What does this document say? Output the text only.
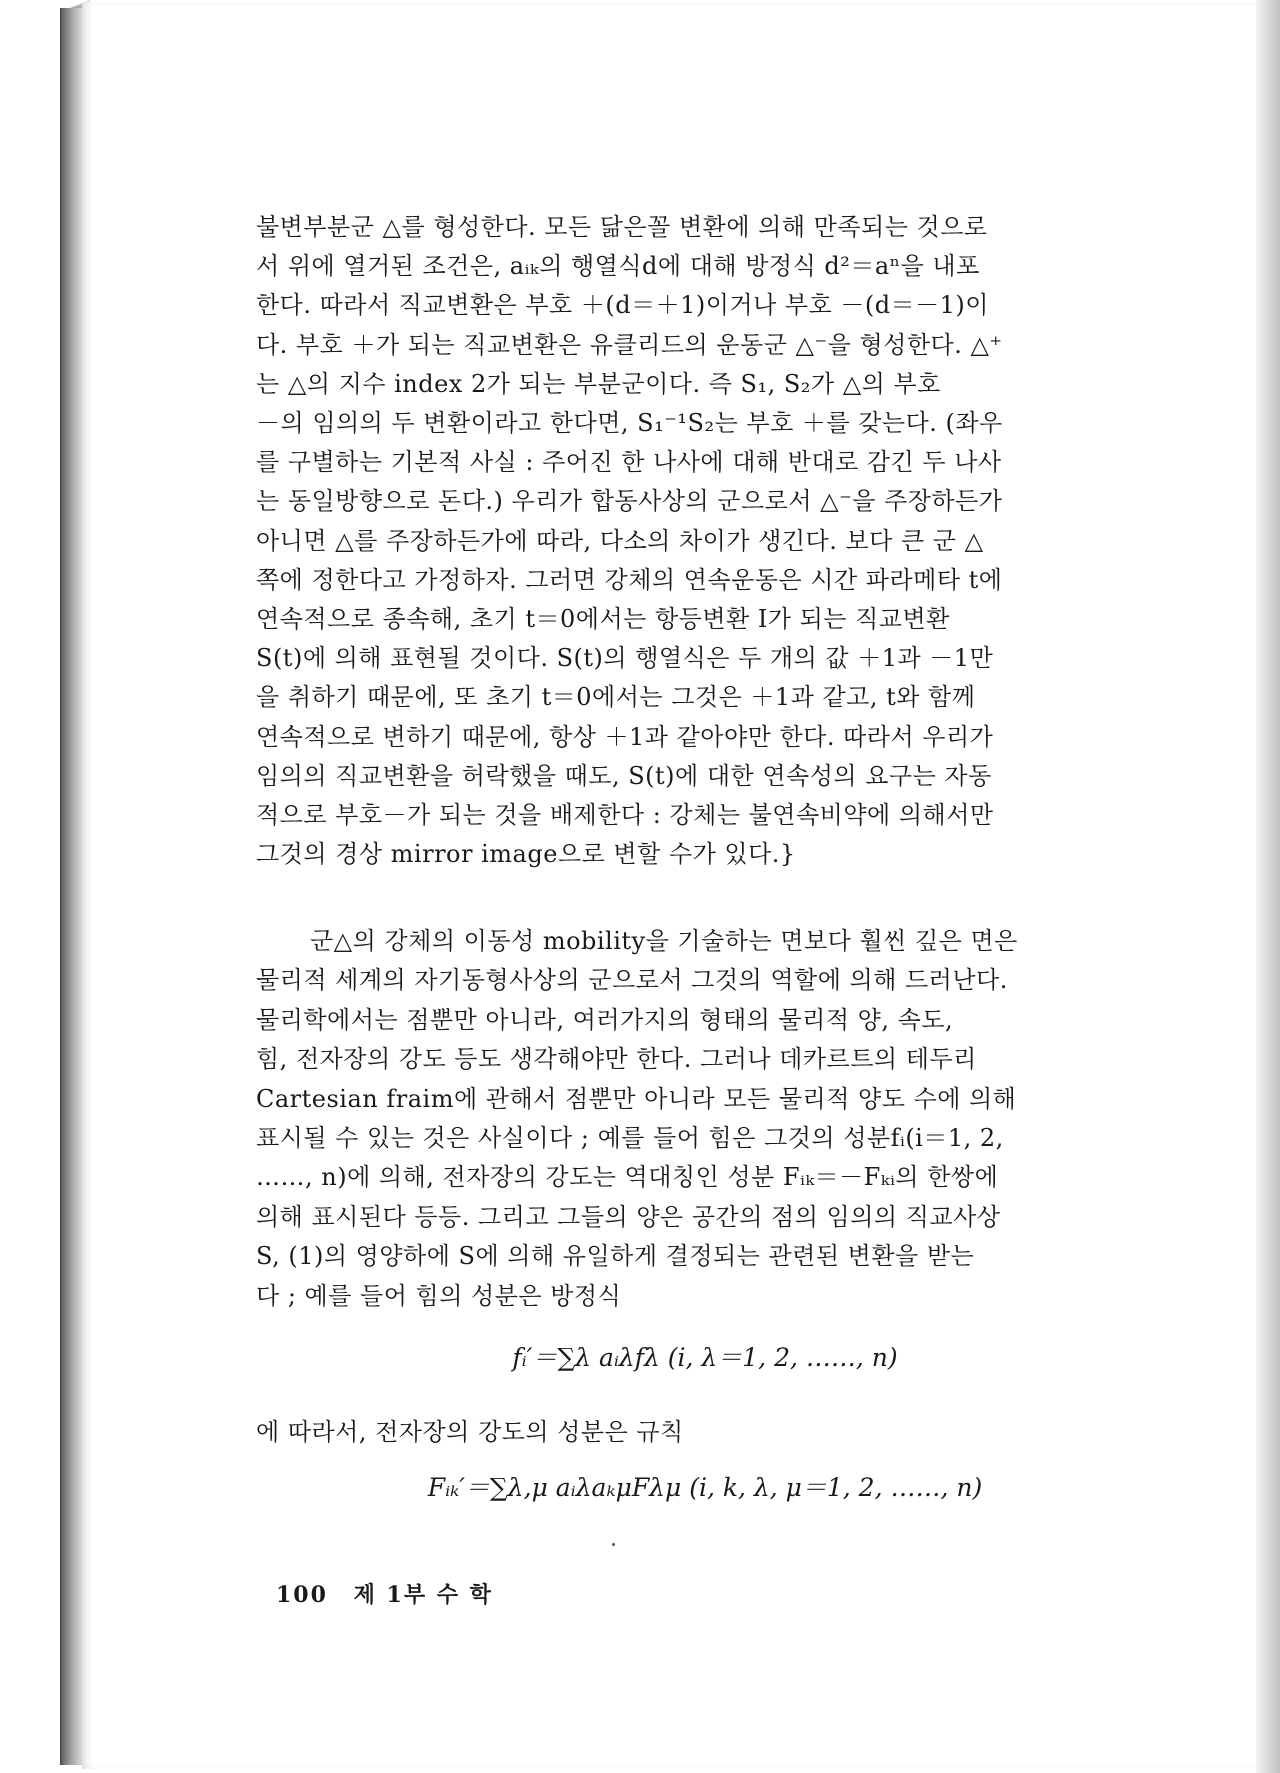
불변부분군 △를 형성한다. 모든 닮은꼴 변환에 의해 만족되는 것으로
서 위에 열거된 조건은, aᵢₖ의 행열식d에 대해 방정식 d²＝aⁿ을 내포
한다. 따라서 직교변환은 부호 ＋(d＝＋1)이거나 부호 －(d＝－1)이
다. 부호 ＋가 되는 직교변환은 유클리드의 운동군 △⁻을 형성한다. △⁺
는 △의 지수 index 2가 되는 부분군이다. 즉 S₁, S₂가 △의 부호
－의 임의의 두 변환이라고 한다면, S₁⁻¹S₂는 부호 ＋를 갖는다. (좌우
를 구별하는 기본적 사실 : 주어진 한 나사에 대해 반대로 감긴 두 나사
는 동일방향으로 돈다.) 우리가 합동사상의 군으로서 △⁻을 주장하든가
아니면 △를 주장하든가에 따라, 다소의 차이가 생긴다. 보다 큰 군 △
쪽에 정한다고 가정하자. 그러면 강체의 연속운동은 시간 파라메타 t에
연속적으로 종속해, 초기 t＝0에서는 항등변환 I가 되는 직교변환
S(t)에 의해 표현될 것이다. S(t)의 행열식은 두 개의 값 ＋1과 －1만
을 취하기 때문에, 또 초기 t＝0에서는 그것은 ＋1과 같고, t와 함께
연속적으로 변하기 때문에, 항상 ＋1과 같아야만 한다. 따라서 우리가
임의의 직교변환을 허락했을 때도, S(t)에 대한 연속성의 요구는 자동
적으로 부호－가 되는 것을 배제한다 : 강체는 불연속비약에 의해서만
그것의 경상 mirror image으로 변할 수가 있다.}
군△의 강체의 이동성 mobility을 기술하는 면보다 훨씬 깊은 면은
물리적 세계의 자기동형사상의 군으로서 그것의 역할에 의해 드러난다.
물리학에서는 점뿐만 아니라, 여러가지의 형태의 물리적 양, 속도,
힘, 전자장의 강도 등도 생각해야만 한다. 그러나 데카르트의 테두리
Cartesian fraim에 관해서 점뿐만 아니라 모든 물리적 양도 수에 의해
표시될 수 있는 것은 사실이다 ; 예를 들어 힘은 그것의 성분fᵢ(i＝1, 2,
……, n)에 의해, 전자장의 강도는 역대칭인 성분 Fᵢₖ＝－Fₖᵢ의 한쌍에
의해 표시된다 등등. 그리고 그들의 양은 공간의 점의 임의의 직교사상
S, (1)의 영양하에 S에 의해 유일하게 결정되는 관련된 변환을 받는
다 ; 예를 들어 힘의 성분은 방정식
fᵢ′＝∑λ aᵢλfλ (i, λ＝1, 2, ……, n)
에 따라서, 전자장의 강도의 성분은 규칙
Fᵢₖ′＝∑λ,μ aᵢλaₖμFλμ (i, k, λ, μ＝1, 2, ……, n)
100 제 1부 수 학
